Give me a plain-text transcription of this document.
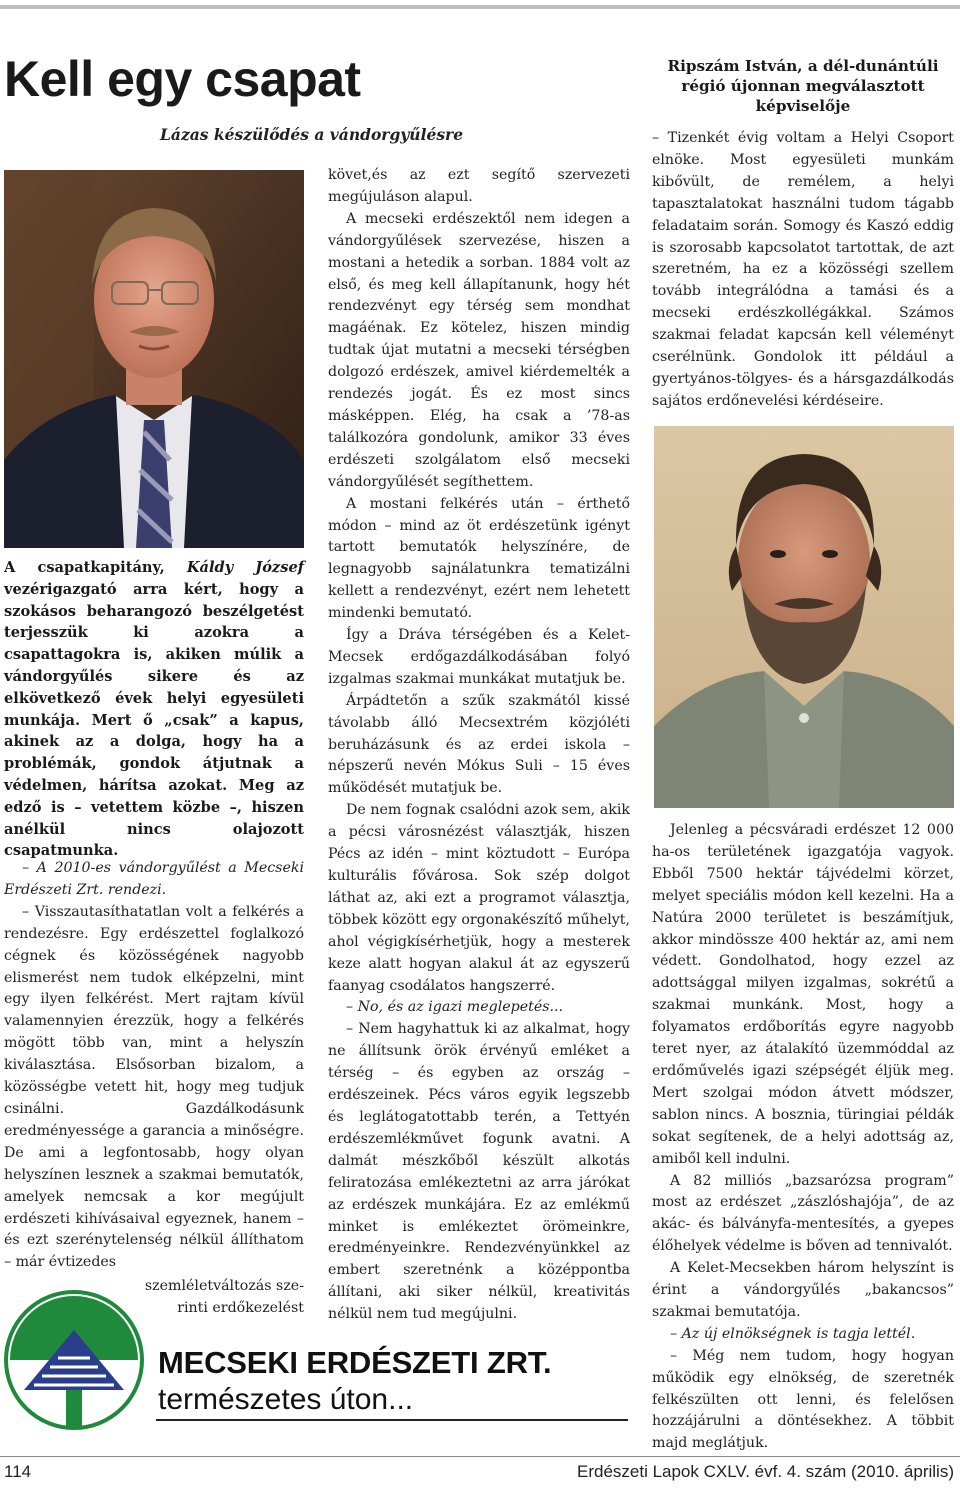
Kell egy csapat
Lázas készülődés a vándorgyűlésre
A csapatkapitány, Káldy József vezérigazgató arra kért, hogy a szokásos beharangozó beszélgetést terjesszük ki azokra a csapattagokra is, akiken múlik a vándorgyűlés sikere és az elkövetkező évek helyi egyesületi munkája. Mert ő „csak” a kapus, akinek az a dolga, hogy ha a problémák, gondok átjutnak a védelmen, hárítsa azokat. Meg az edző is – vetettem közbe –, hiszen anélkül nincs olajozott csapatmunka.

– A 2010-es vándorgyűlést a Mecseki Erdészeti Zrt. rendezi.

– Visszautasíthatatlan volt a felkérés a rendezésre. Egy erdészettel foglalkozó cégnek és közösségének nagyobb elismerést nem tudok elképzelni, mint egy ilyen felkérést. Mert rajtam kívül valamennyien érezzük, hogy a felkérés mögött több van, mint a helyszín kiválasztása. Elsősorban bizalom, a közösségbe vetett hit, hogy meg tudjuk csinálni. Gazdálkodásunk eredményessége a garancia a minőségre. De ami a legfontosabb, hogy olyan helyszínen lesznek a szakmai bemutatók, amelyek nemcsak a kor megújult erdészeti kihívásaival egyeznek, hanem – és ezt szerénytelenség nélkül állíthatom – már évtizedes

szemléletváltozás sze-
rinti erdőkezelést

követ,és az ezt segítő szervezeti megújuláson alapul.

A mecseki erdészektől nem idegen a vándorgyűlések szervezése, hiszen a mostani a hetedik a sorban. 1884 volt az első, és meg kell állapítanunk, hogy hét rendezvényt egy térség sem mondhat magáénak. Ez kötelez, hiszen mindig tudtak újat mutatni a mecseki térségben dolgozó erdészek, amivel kiérdemelték a rendezés jogát. És ez most sincs másképpen. Elég, ha csak a ’78-as találkozóra gondolunk, amikor 33 éves erdészeti szolgálatom első mecseki vándorgyűlését segíthettem.

A mostani felkérés után – érthető módon – mind az öt erdészetünk igényt tartott bemutatók helyszínére, de legnagyobb sajnálatunkra tematizálni kellett a rendezvényt, ezért nem lehetett mindenki bemutató.

Így a Dráva térségében és a Kelet-Mecsek erdőgazdálkodásában folyó izgalmas szakmai munkákat mutatjuk be.

Árpádtetőn a szűk szakmától kissé távolabb álló Mecsextrém közjóléti beruházásunk és az erdei iskola – népszerű nevén Mókus Suli – 15 éves működését mutatjuk be.

De nem fognak csalódni azok sem, akik a pécsi városnézést választják, hiszen Pécs az idén – mint köztudott – Európa kulturális fővárosa. Sok szép dolgot láthat az, aki ezt a programot választja, többek között egy orgonakészítő műhelyt, ahol végigkísérhetjük, hogy a mesterek keze alatt hogyan alakul át az egyszerű faanyag csodálatos hangszerré.

– No, és az igazi meglepetés...

– Nem hagyhattuk ki az alkalmat, hogy ne állítsunk örök érvényű emléket a térség – és egyben az ország – erdészeinek. Pécs város egyik legszebb és leglátogatottabb terén, a Tettyén erdészemlékművet fogunk avatni. A dalmát mészkőből készült alkotás feliratozása emlékeztetni az arra járókat az erdészek munkájára. Ez az emlékmű minket is emlékeztet örömeinkre, eredményeinkre. Rendezvényünkkel az embert szeretnénk a középpontba állítani, aki siker nélkül, kreativitás nélkül nem tud megújulni.

MECSEKI ERDÉSZETI ZRT.
természetes úton...
Ripszám István, a dél-dunántúli régió újonnan megválasztott képviselője

– Tizenkét évig voltam a Helyi Csoport elnöke. Most egyesületi munkám kibővült, de remélem, a helyi tapasztalatokat használni tudom tágabb feladataim során. Somogy és Kaszó eddig is szorosabb kapcsolatot tartottak, de azt szeretném, ha ez a közösségi szellem tovább integrálódna a tamási és a mecseki erdészkollégákkal. Számos szakmai feladat kapcsán kell véleményt cserélnünk. Gondolok itt például a gyertyános-tölgyes- és a hársgazdálkodás sajátos erdőnevelési kérdéseire.

Jelenleg a pécsváradi erdészet 12 000 ha-os területének igazgatója vagyok. Ebből 7500 hektár tájvédelmi körzet, melyet speciális módon kell kezelni. Ha a Natúra 2000 területet is beszámítjuk, akkor mindössze 400 hektár az, ami nem védett. Gondolhatod, hogy ezzel az adottsággal milyen izgalmas, sokrétű a szakmai munkánk. Most, hogy a folyamatos erdőborítás egyre nagyobb teret nyer, az átalakító üzemmóddal az erdőművelés igazi szépségét éljük meg. Mert szolgai módon átvett módszer, sablon nincs. A bosznia, türingiai példák sokat segítenek, de a helyi adottság az, amiből kell indulni.

A 82 milliós „bazsarózsa program” most az erdészet „zászlóshajója”, de az akác- és bálványfa-mentesítés, a gyepes élőhelyek védelme is bőven ad tennivalót.

A Kelet-Mecsekben három helyszínt is érint a vándorgyűlés „bakancsos” szakmai bemutatója.

– Az új elnökségnek is tagja lettél.

– Még nem tudom, hogy hogyan működik egy elnökség, de szeretnék felkészülten ott lenni, és felelősen hozzájárulni a döntésekhez. A többit majd meglátjuk.

114	Erdészeti Lapok CXLV. évf. 4. szám (2010. április)
